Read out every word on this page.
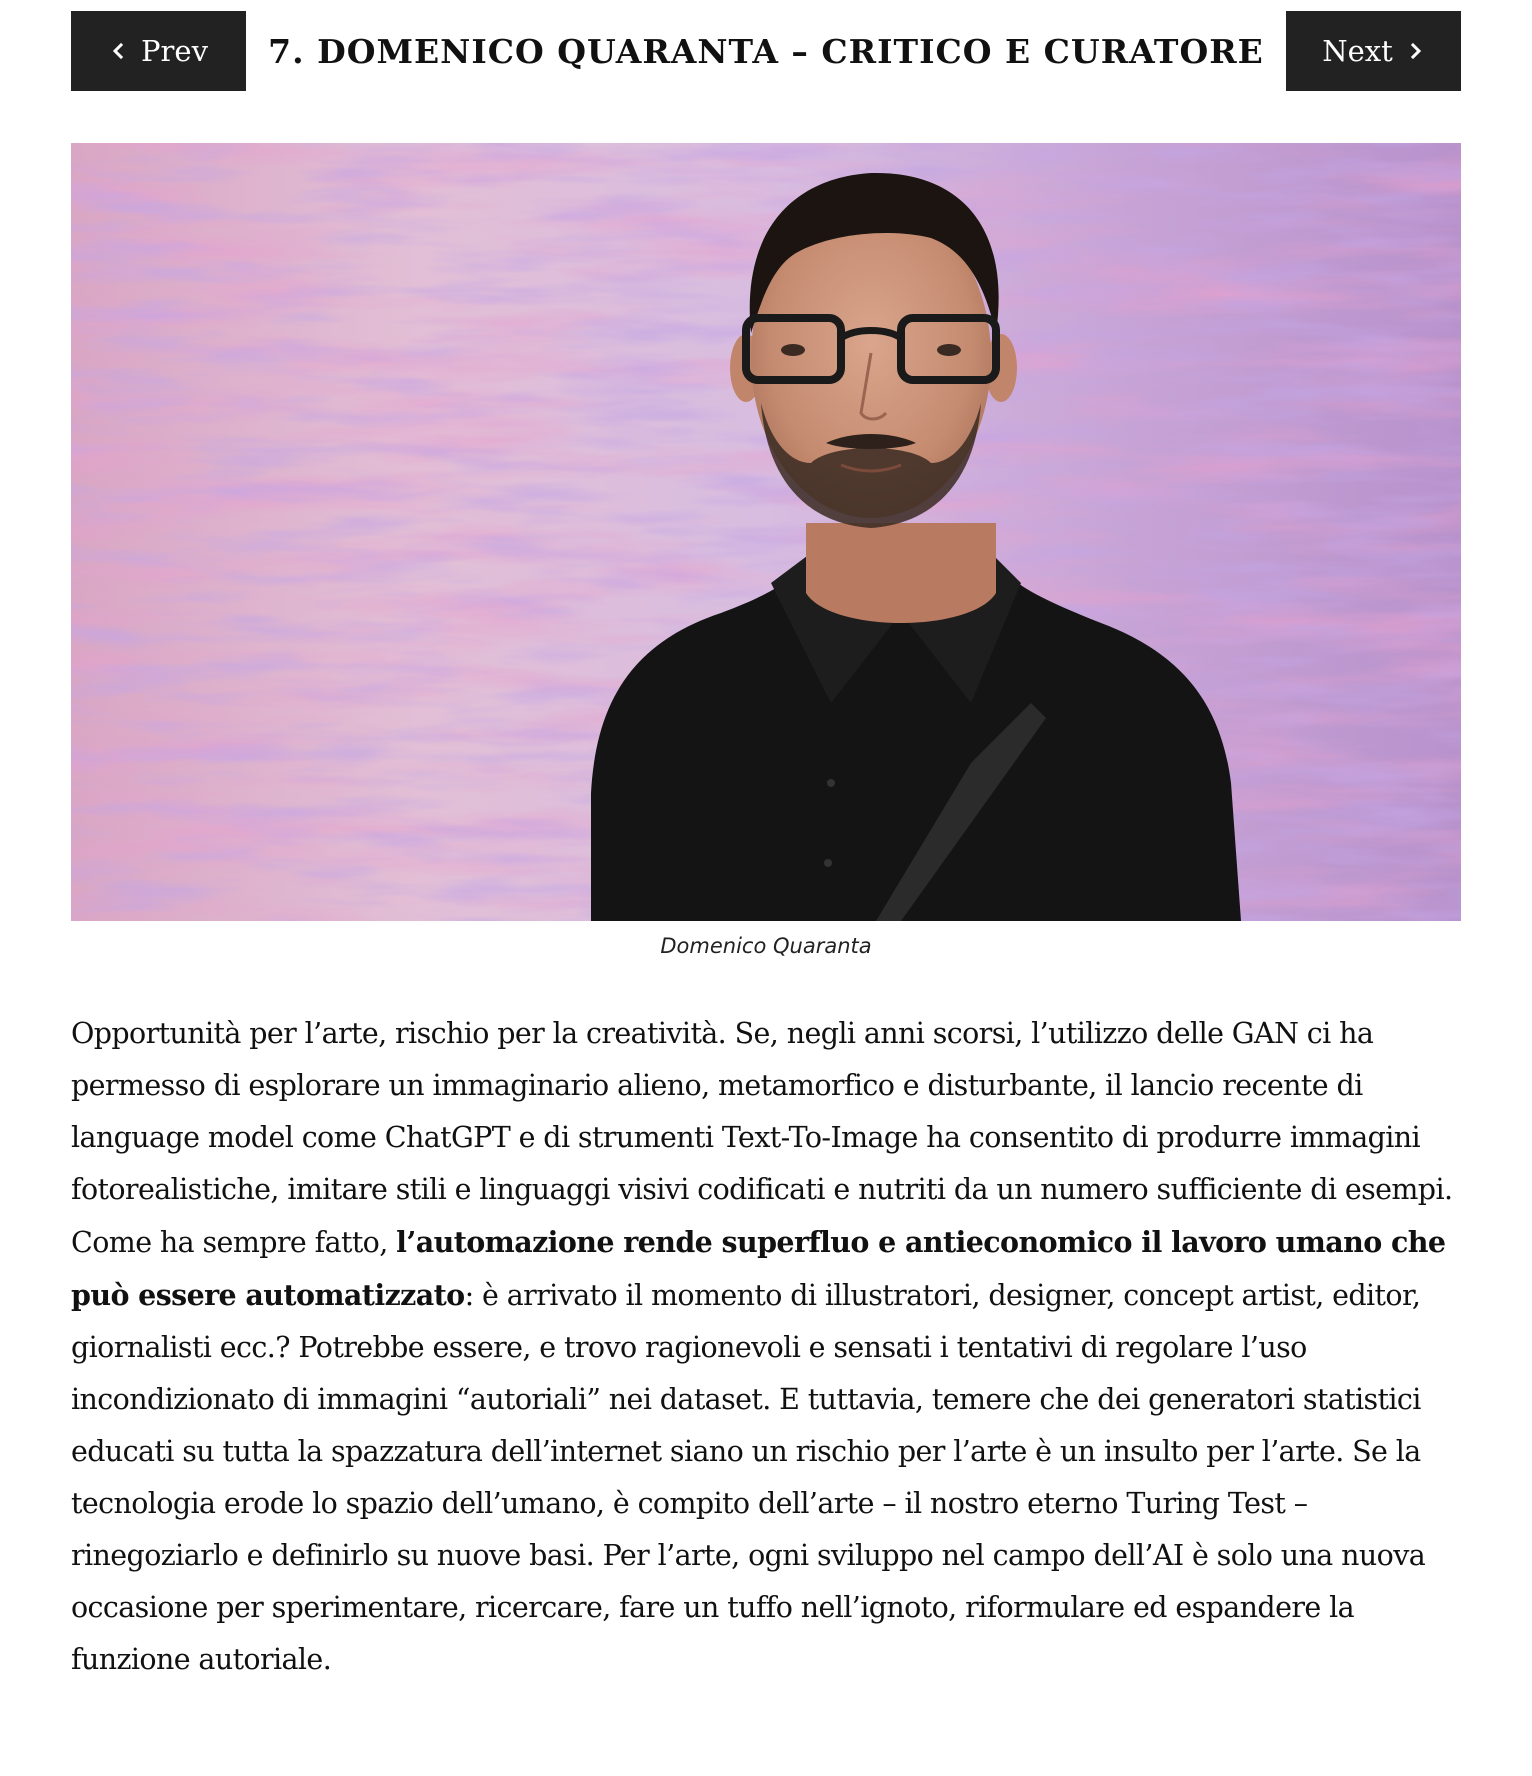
Prev	7. DOMENICO QUARANTA – CRITICO E CURATORE	Next
Domenico Quaranta

Opportunità per l’arte, rischio per la creatività. Se, negli anni scorsi, l’utilizzo delle GAN ci ha permesso di esplorare un immaginario alieno, metamorfico e disturbante, il lancio recente di language model come ChatGPT e di strumenti Text-To-Image ha consentito di produrre immagini fotorealistiche, imitare stili e linguaggi visivi codificati e nutriti da un numero sufficiente di esempi. Come ha sempre fatto, l’automazione rende superfluo e antieconomico il lavoro umano che può essere automatizzato: è arrivato il momento di illustratori, designer, concept artist, editor, giornalisti ecc.? Potrebbe essere, e trovo ragionevoli e sensati i tentativi di regolare l’uso incondizionato di immagini “autoriali” nei dataset. E tuttavia, temere che dei generatori statistici educati su tutta la spazzatura dell’internet siano un rischio per l’arte è un insulto per l’arte. Se la tecnologia erode lo spazio dell’umano, è compito dell’arte – il nostro eterno Turing Test – rinegoziarlo e definirlo su nuove basi. Per l’arte, ogni sviluppo nel campo dell’AI è solo una nuova occasione per sperimentare, ricercare, fare un tuffo nell’ignoto, riformulare ed espandere la funzione autoriale.
